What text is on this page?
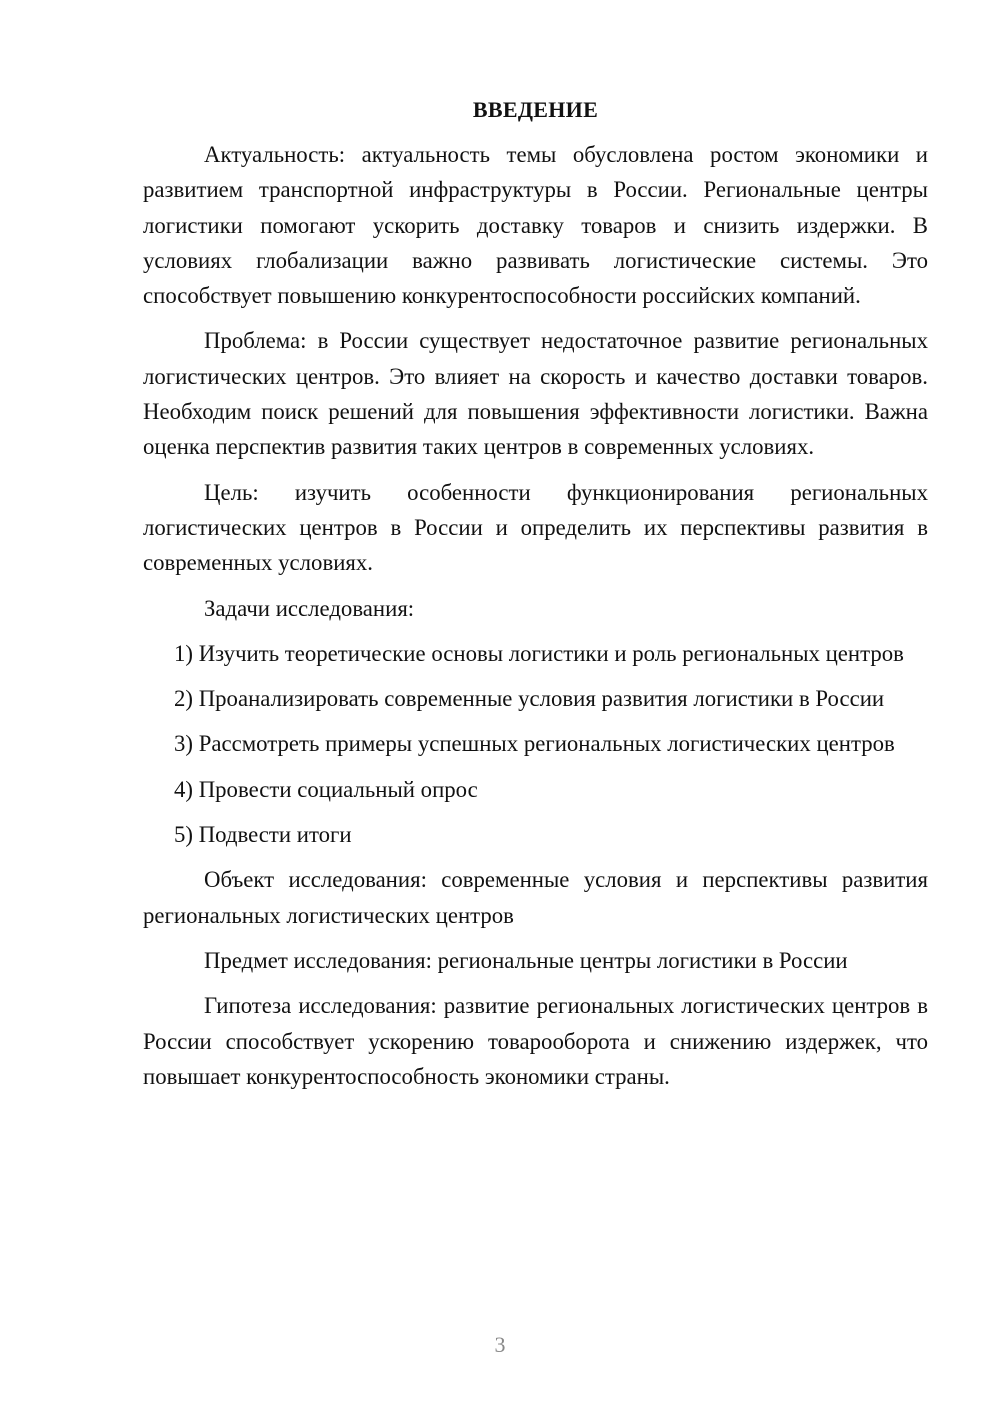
ВВЕДЕНИЕ

Актуальность: актуальность темы обусловлена ростом экономики и развитием транспортной инфраструктуры в России. Региональные центры логистики помогают ускорить доставку товаров и снизить издержки. В условиях глобализации важно развивать логистические системы. Это способствует повышению конкурентоспособности российских компаний.

Проблема: в России существует недостаточное развитие региональных логистических центров. Это влияет на скорость и качество доставки товаров. Необходим поиск решений для повышения эффективности логистики. Важна оценка перспектив развития таких центров в современных условиях.

Цель: изучить особенности функционирования региональных логистических центров в России и определить их перспективы развития в современных условиях.

Задачи исследования:

1) Изучить теоретические основы логистики и роль региональных центров

2) Проанализировать современные условия развития логистики в России

3) Рассмотреть примеры успешных региональных логистических центров

4) Провести социальный опрос

5) Подвести итоги

Объект исследования: современные условия и перспективы развития региональных логистических центров

Предмет исследования: региональные центры логистики в России

Гипотеза исследования: развитие региональных логистических центров в России способствует ускорению товарооборота и снижению издержек, что повышает конкурентоспособность экономики страны.

3
